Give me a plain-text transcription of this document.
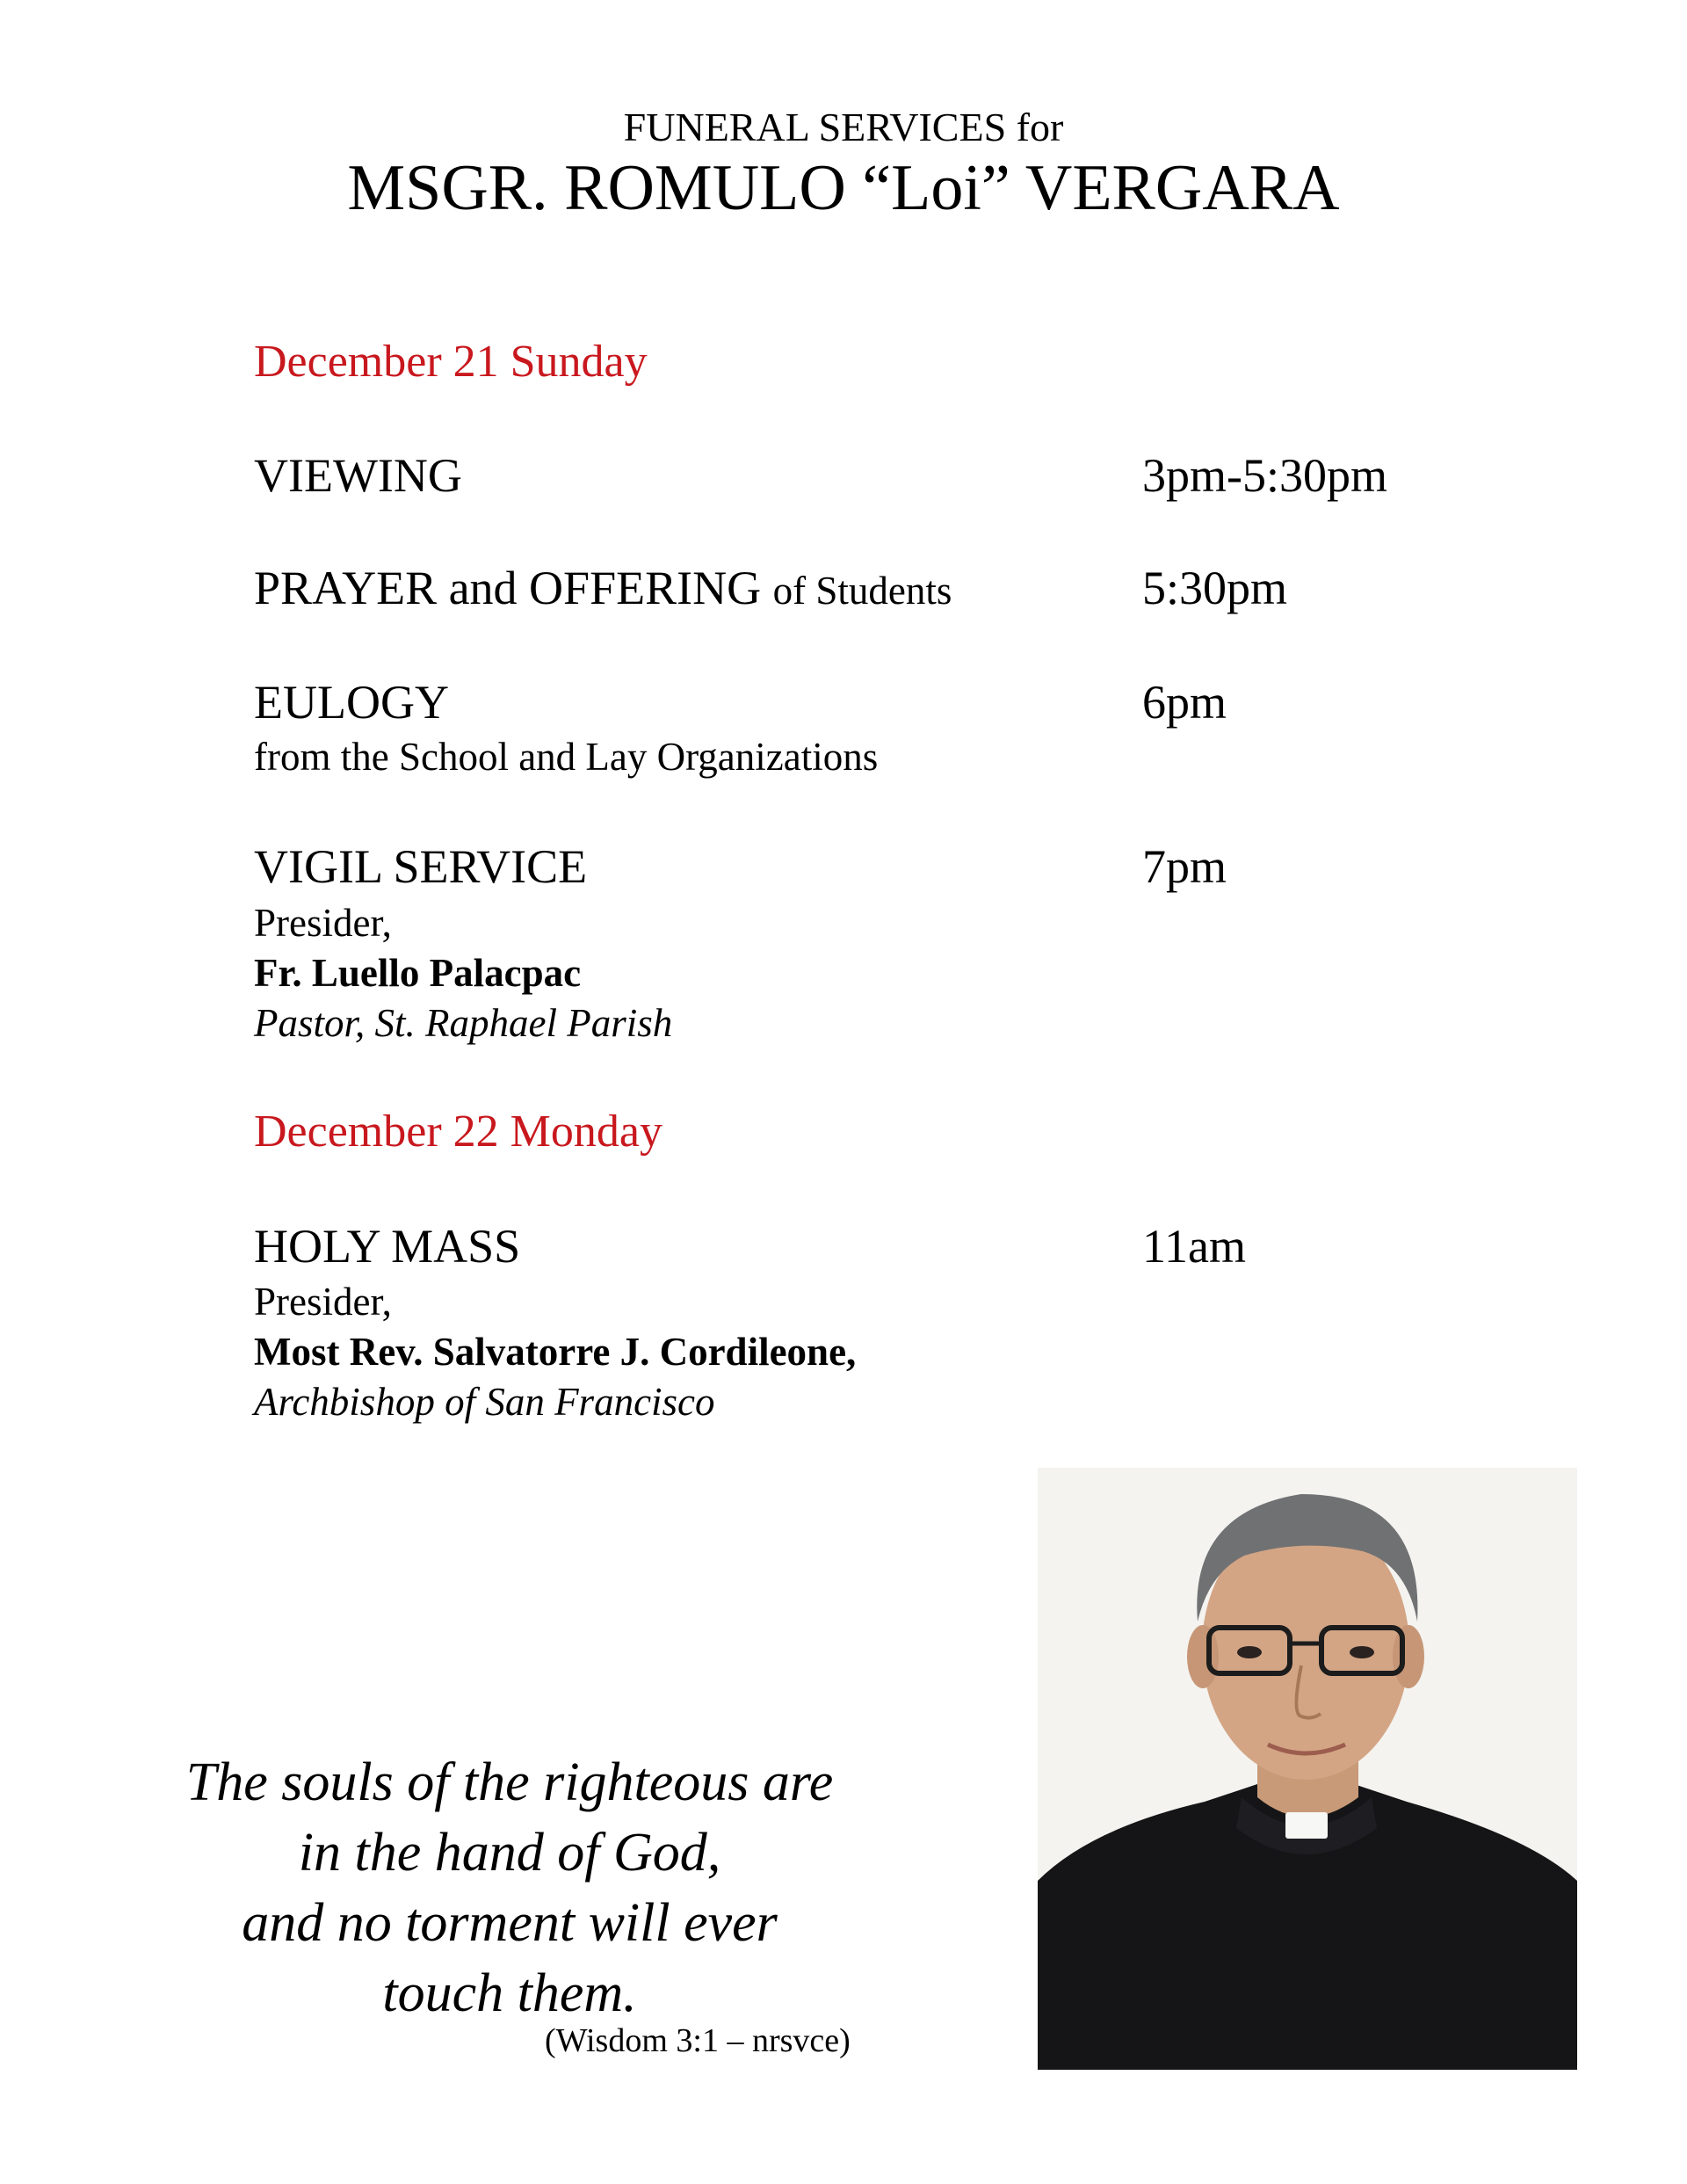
FUNERAL SERVICES for
MSGR. ROMULO “Loi” VERGARA
December 21 Sunday
VIEWING	3pm-5:30pm
PRAYER and OFFERING of Students	5:30pm
EULOGY	6pm
from the School and Lay Organizations
VIGIL SERVICE	7pm
Presider,
Fr. Luello Palacpac
Pastor, St. Raphael Parish
December 22 Monday
HOLY MASS	11am
Presider,
Most Rev. Salvatorre J. Cordileone,
Archbishop of San Francisco
The souls of the righteous are
in the hand of God,
and no torment will ever
touch them.
(Wisdom 3:1 – nrsvce)
